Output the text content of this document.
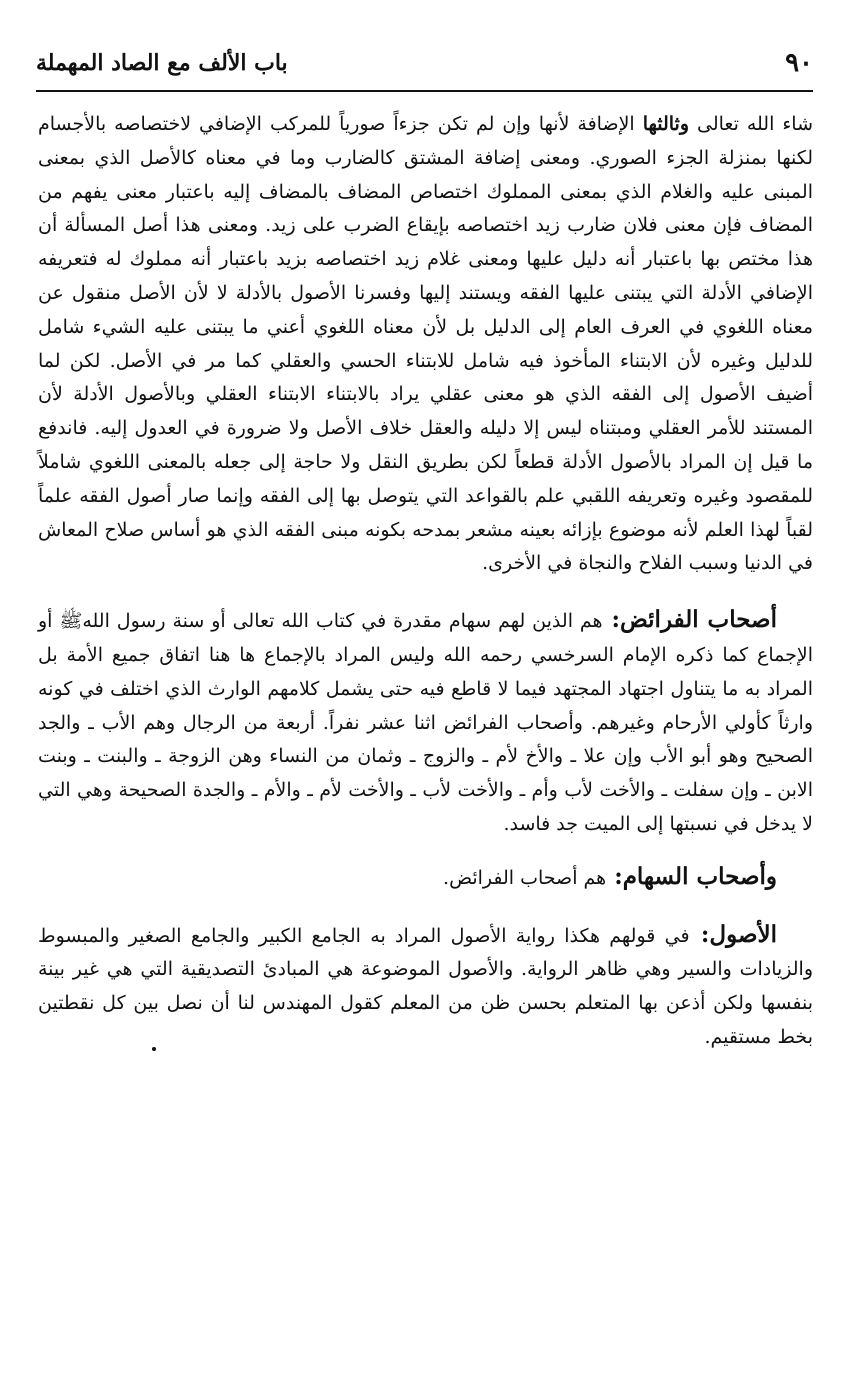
٩٠
باب الألف مع الصاد المهملة

شاء الله تعالى وثالثها الإضافة لأنها وإن لم تكن جزءاً صورياً للمركب الإضافي لاختصاصه بالأجسام لكنها بمنزلة الجزء الصوري. ومعنى إضافة المشتق كالضارب وما في معناه كالأصل الذي بمعنى المبنى عليه والغلام الذي بمعنى المملوك اختصاص المضاف بالمضاف إليه باعتبار معنى يفهم من المضاف فإن معنى فلان ضارب زيد اختصاصه بإيقاع الضرب على زيد. ومعنى هذا أصل المسألة أن هذا مختص بها باعتبار أنه دليل عليها ومعنى غلام زيد اختصاصه بزيد باعتبار أنه مملوك له فتعريفه الإضافي الأدلة التي يبتنى عليها الفقه ويستند إليها وفسرنا الأصول بالأدلة لا لأن الأصل منقول عن معناه اللغوي في العرف العام إلى الدليل بل لأن معناه اللغوي أعني ما يبتنى عليه الشيء شامل للدليل وغيره لأن الابتناء المأخوذ فيه شامل للابتناء الحسي والعقلي كما مر في الأصل. لكن لما أضيف الأصول إلى الفقه الذي هو معنى عقلي يراد بالابتناء الابتناء العقلي وبالأصول الأدلة لأن المستند للأمر العقلي ومبتناه ليس إلا دليله والعقل خلاف الأصل ولا ضرورة في العدول إليه. فاندفع ما قيل إن المراد بالأصول الأدلة قطعاً لكن بطريق النقل ولا حاجة إلى جعله بالمعنى اللغوي شاملاً للمقصود وغيره وتعريفه اللقبي علم بالقواعد التي يتوصل بها إلى الفقه وإنما صار أصول الفقه علماً لقباً لهذا العلم لأنه موضوع بإزائه بعينه مشعر بمدحه بكونه مبنى الفقه الذي هو أساس صلاح المعاش في الدنيا وسبب الفلاح والنجاة في الأخرى.

أصحاب الفرائض: هم الذين لهم سهام مقدرة في كتاب الله تعالى أو سنة رسول اللهﷺ أو الإجماع كما ذكره الإمام السرخسي رحمه الله وليس المراد بالإجماع ها هنا اتفاق جميع الأمة بل المراد به ما يتناول اجتهاد المجتهد فيما لا قاطع فيه حتى يشمل كلامهم الوارث الذي اختلف في كونه وارثاً كأولي الأرحام وغيرهم. وأصحاب الفرائض اثنا عشر نفراً. أربعة من الرجال وهم الأب ـ والجد الصحيح وهو أبو الأب وإن علا ـ والأخ لأم ـ والزوج ـ وثمان من النساء وهن الزوجة ـ والبنت ـ وبنت الابن ـ وإن سفلت ـ والأخت لأب وأم ـ والأخت لأب ـ والأخت لأم ـ والأم ـ والجدة الصحيحة وهي التي لا يدخل في نسبتها إلى الميت جد فاسد.

وأصحاب السهام: هم أصحاب الفرائض.

الأصول: في قولهم هكذا رواية الأصول المراد به الجامع الكبير والجامع الصغير والمبسوط والزيادات والسير وهي ظاهر الرواية. والأصول الموضوعة هي المبادئ التصديقية التي هي غير بينة بنفسها ولكن أذعن بها المتعلم بحسن ظن من المعلم كقول المهندس لنا أن نصل بين كل نقطتين بخط مستقيم.
